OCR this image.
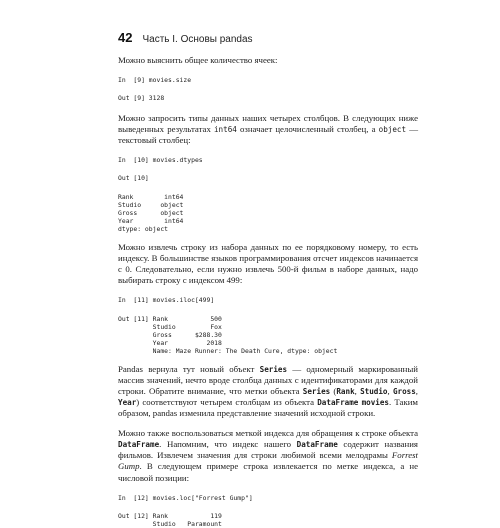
42 Часть I. Основы pandas

Можно выяснить общее количество ячеек:

In  [9] movies.size
Out [9] 3128

Можно запросить типы данных наших четырех столбцов. В следующих ниже выведенных результатах int64 означает целочисленный столбец, а object — текстовый столбец:

In  [10] movies.dtypes
Out [10]
Rank        int64
Studio     object
Gross      object
Year        int64
dtype: object

Можно извлечь строку из набора данных по ее порядковому номеру, то есть индексу. В большинстве языков программирования отсчет индексов начинается с 0. Следовательно, если нужно извлечь 500-й фильм в наборе данных, надо выбирать строку с индексом 499:

In  [11] movies.iloc[499]
Out [11] Rank           500
Studio         Fox
Gross      $288.30
Year          2018
Name: Maze Runner: The Death Cure, dtype: object

Pandas вернула тут новый объект Series — одномерный маркированный массив значений, нечто вроде столбца данных с идентификаторами для каждой строки. Обратите внимание, что метки объекта Series (Rank, Studio, Gross, Year) соответствуют четырем столбцам из объекта DataFrame movies. Таким образом, pandas изменила представление значений исходной строки.

Можно также воспользоваться меткой индекса для обращения к строке объекта DataFrame. Напомним, что индекс нашего DataFrame содержит названия фильмов. Извлечем значения для строки любимой всеми мелодрамы Forrest Gump. В следующем примере строка извлекается по метке индекса, а не числовой позиции:

In  [12] movies.loc["Forrest Gump"]
Out [12] Rank           119
Studio   Paramount
